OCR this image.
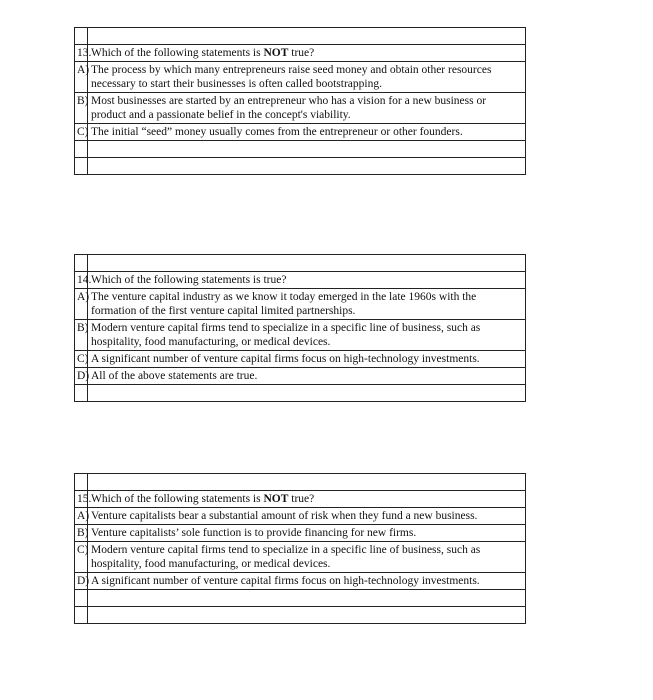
13.	Which of the following statements is NOT true?
A)	The process by which many entrepreneurs raise seed money and obtain other resources necessary to start their businesses is often called bootstrapping.
B)	Most businesses are started by an entrepreneur who has a vision for a new business or product and a passionate belief in the concept's viability.
C)	The initial “seed” money usually comes from the entrepreneur or other founders.

14.	Which of the following statements is true?
A)	The venture capital industry as we know it today emerged in the late 1960s with the formation of the first venture capital limited partnerships.
B)	Modern venture capital firms tend to specialize in a specific line of business, such as hospitality, food manufacturing, or medical devices.
C)	A significant number of venture capital firms focus on high-technology investments.
D)	All of the above statements are true.

15.	Which of the following statements is NOT true?
A)	Venture capitalists bear a substantial amount of risk when they fund a new business.
B)	Venture capitalists’ sole function is to provide financing for new firms.
C)	Modern venture capital firms tend to specialize in a specific line of business, such as hospitality, food manufacturing, or medical devices.
D)	A significant number of venture capital firms focus on high-technology investments.
